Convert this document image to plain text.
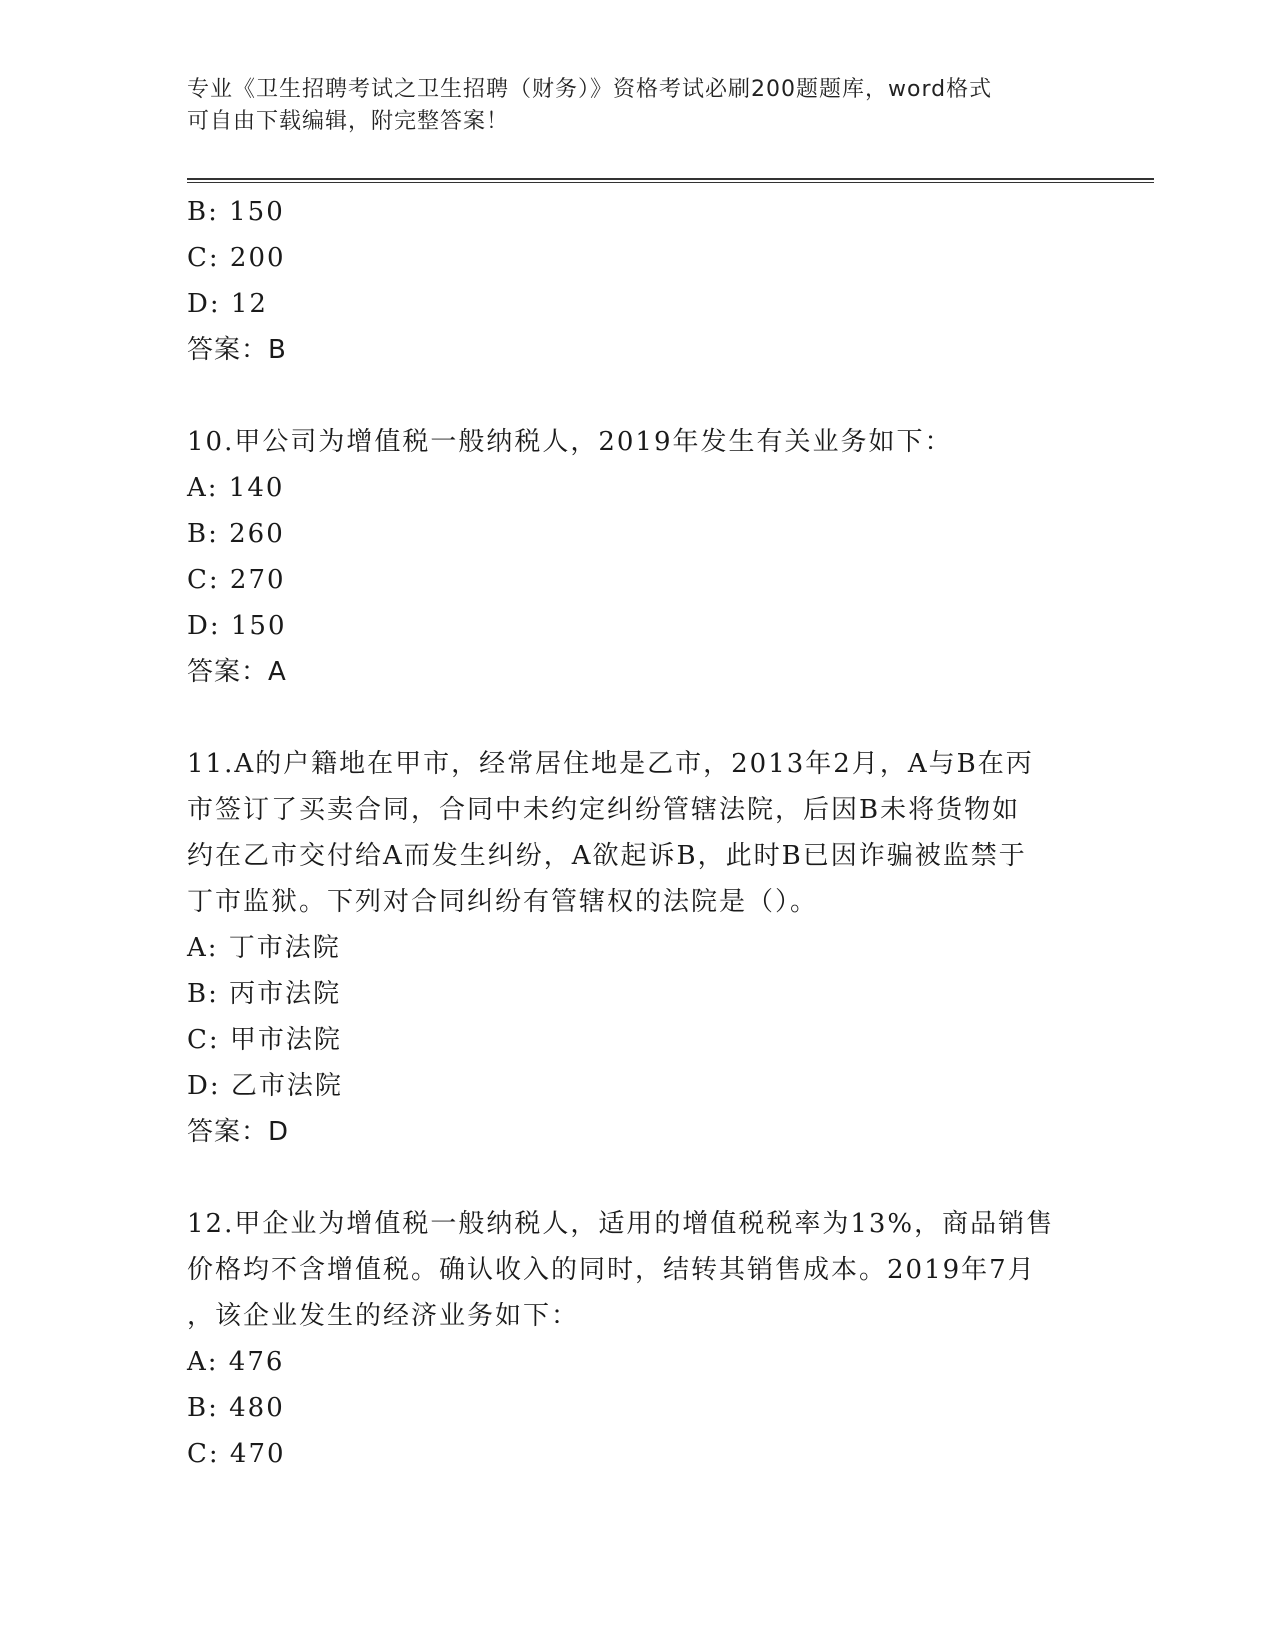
专业《卫生招聘考试之卫生招聘（财务）》资格考试必刷200题题库，word格式
可自由下载编辑，附完整答案！
B: 150
C: 200
D: 12
答案：B
10.甲公司为增值税一般纳税人，2019年发生有关业务如下：
A: 140
B: 260
C: 270
D: 150
答案：A
11.A的户籍地在甲市，经常居住地是乙市，2013年2月，A与B在丙
市签订了买卖合同，合同中未约定纠纷管辖法院，后因B未将货物如
约在乙市交付给A而发生纠纷，A欲起诉B，此时B已因诈骗被监禁于
丁市监狱。下列对合同纠纷有管辖权的法院是（）。
A: 丁市法院
B: 丙市法院
C: 甲市法院
D: 乙市法院
答案：D
12.甲企业为增值税一般纳税人，适用的增值税税率为13%，商品销售
价格均不含增值税。确认收入的同时，结转其销售成本。2019年7月
，该企业发生的经济业务如下：
A: 476
B: 480
C: 470
